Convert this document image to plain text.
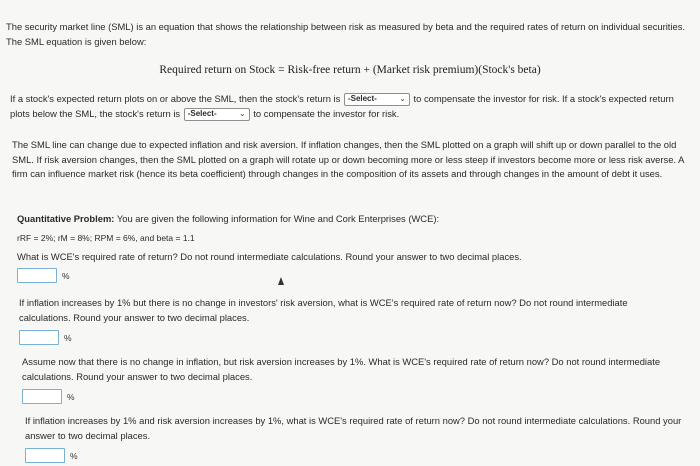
The security market line (SML) is an equation that shows the relationship between risk as measured by beta and the required rates of return on individual securities. The SML equation is given below:
Required return on Stock = Risk-free return + (Market risk premium)(Stock's beta)
If a stock's expected return plots on or above the SML, then the stock's return is -Select-	⌄ to compensate the investor for risk. If a stock's expected return plots below the SML, the stock's return is -Select-	⌄ to compensate the investor for risk.
The SML line can change due to expected inflation and risk aversion. If inflation changes, then the SML plotted on a graph will shift up or down parallel to the old SML. If risk aversion changes, then the SML plotted on a graph will rotate up or down becoming more or less steep if investors become more or less risk averse. A firm can influence market risk (hence its beta coefficient) through changes in the composition of its assets and through changes in the amount of debt it uses.
Quantitative Problem: You are given the following information for Wine and Cork Enterprises (WCE):
rRF = 2%; rM = 8%; RPM = 6%, and beta = 1.1
What is WCE's required rate of return? Do not round intermediate calculations. Round your answer to two decimal places.
%
If inflation increases by 1% but there is no change in investors' risk aversion, what is WCE's required rate of return now? Do not round intermediate calculations. Round your answer to two decimal places.
%
Assume now that there is no change in inflation, but risk aversion increases by 1%. What is WCE's required rate of return now? Do not round intermediate calculations. Round your answer to two decimal places.
%
If inflation increases by 1% and risk aversion increases by 1%, what is WCE's required rate of return now? Do not round intermediate calculations. Round your answer to two decimal places.
%
